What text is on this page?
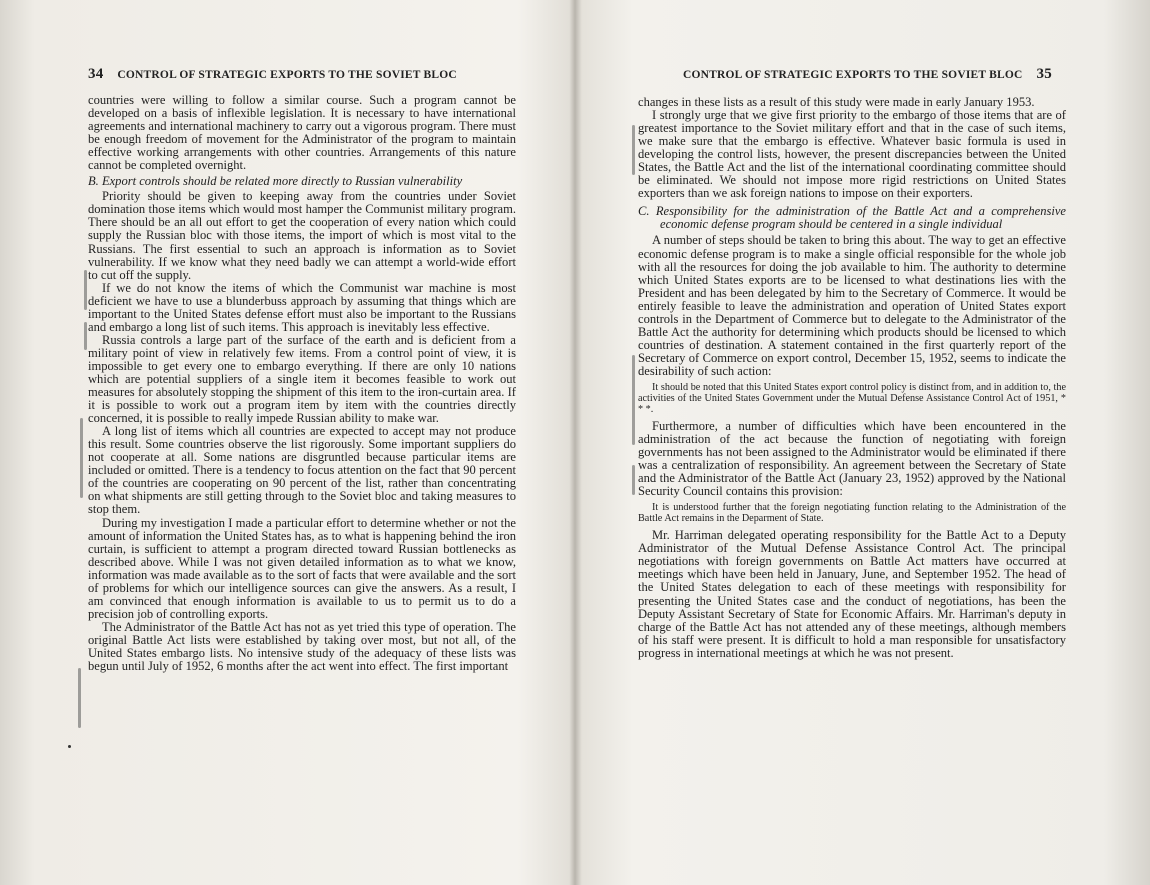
34 CONTROL OF STRATEGIC EXPORTS TO THE SOVIET BLOC

countries were willing to follow a similar course. Such a program cannot be developed on a basis of inflexible legislation. It is necessary to have international agreements and international machinery to carry out a vigorous program. There must be enough freedom of movement for the Administrator of the program to maintain effective working arrangements with other countries. Arrangements of this nature cannot be completed overnight.

B. Export controls should be related more directly to Russian vulnerability

Priority should be given to keeping away from the countries under Soviet domination those items which would most hamper the Communist military program. There should be an all out effort to get the cooperation of every nation which could supply the Russian bloc with those items, the import of which is most vital to the Russians. The first essential to such an approach is information as to Soviet vulnerability. If we know what they need badly we can attempt a world-wide effort to cut off the supply.

If we do not know the items of which the Communist war machine is most deficient we have to use a blunderbuss approach by assuming that things which are important to the United States defense effort must also be important to the Russians and embargo a long list of such items. This approach is inevitably less effective.

Russia controls a large part of the surface of the earth and is deficient from a military point of view in relatively few items. From a control point of view, it is impossible to get every one to embargo everything. If there are only 10 nations which are potential suppliers of a single item it becomes feasible to work out measures for absolutely stopping the shipment of this item to the iron-curtain area. If it is possible to work out a program item by item with the countries directly concerned, it is possible to really impede Russian ability to make war.

A long list of items which all countries are expected to accept may not produce this result. Some countries observe the list rigorously. Some important suppliers do not cooperate at all. Some nations are disgruntled because particular items are included or omitted. There is a tendency to focus attention on the fact that 90 percent of the countries are cooperating on 90 percent of the list, rather than concentrating on what shipments are still getting through to the Soviet bloc and taking measures to stop them.

During my investigation I made a particular effort to determine whether or not the amount of information the United States has, as to what is happening behind the iron curtain, is sufficient to attempt a program directed toward Russian bottlenecks as described above. While I was not given detailed information as to what we know, information was made available as to the sort of facts that were available and the sort of problems for which our intelligence sources can give the answers. As a result, I am convinced that enough information is available to us to permit us to do a precision job of controlling exports.

The Administrator of the Battle Act has not as yet tried this type of operation. The original Battle Act lists were established by taking over most, but not all, of the United States embargo lists. No intensive study of the adequacy of these lists was begun until July of 1952, 6 months after the act went into effect. The first important

CONTROL OF STRATEGIC EXPORTS TO THE SOVIET BLOC 35

changes in these lists as a result of this study were made in early January 1953.

I strongly urge that we give first priority to the embargo of those items that are of greatest importance to the Soviet military effort and that in the case of such items, we make sure that the embargo is effective. Whatever basic formula is used in developing the control lists, however, the present discrepancies between the United States, the Battle Act and the list of the international coordinating committee should be eliminated. We should not impose more rigid restrictions on United States exporters than we ask foreign nations to impose on their exporters.

C. Responsibility for the administration of the Battle Act and a comprehensive economic defense program should be centered in a single individual

A number of steps should be taken to bring this about. The way to get an effective economic defense program is to make a single official responsible for the whole job with all the resources for doing the job available to him. The authority to determine which United States exports are to be licensed to what destinations lies with the President and has been delegated by him to the Secretary of Commerce. It would be entirely feasible to leave the administration and operation of United States export controls in the Department of Commerce but to delegate to the Administrator of the Battle Act the authority for determining which products should be licensed to which countries of destination. A statement contained in the first quarterly report of the Secretary of Commerce on export control, December 15, 1952, seems to indicate the desirability of such action:

It should be noted that this United States export control policy is distinct from, and in addition to, the activities of the United States Government under the Mutual Defense Assistance Control Act of 1951, * * *.

Furthermore, a number of difficulties which have been encountered in the administration of the act because the function of negotiating with foreign governments has not been assigned to the Administrator would be eliminated if there was a centralization of responsibility. An agreement between the Secretary of State and the Administrator of the Battle Act (January 23, 1952) approved by the National Security Council contains this provision:

It is understood further that the foreign negotiating function relating to the Administration of the Battle Act remains in the Deparment of State.

Mr. Harriman delegated operating responsibility for the Battle Act to a Deputy Administrator of the Mutual Defense Assistance Control Act. The principal negotiations with foreign governments on Battle Act matters have occurred at meetings which have been held in January, June, and September 1952. The head of the United States delegation to each of these meetings with responsibility for presenting the United States case and the conduct of negotiations, has been the Deputy Assistant Secretary of State for Economic Affairs. Mr. Harriman's deputy in charge of the Battle Act has not attended any of these meetings, although members of his staff were present. It is difficult to hold a man responsible for unsatisfactory progress in international meetings at which he was not present.
